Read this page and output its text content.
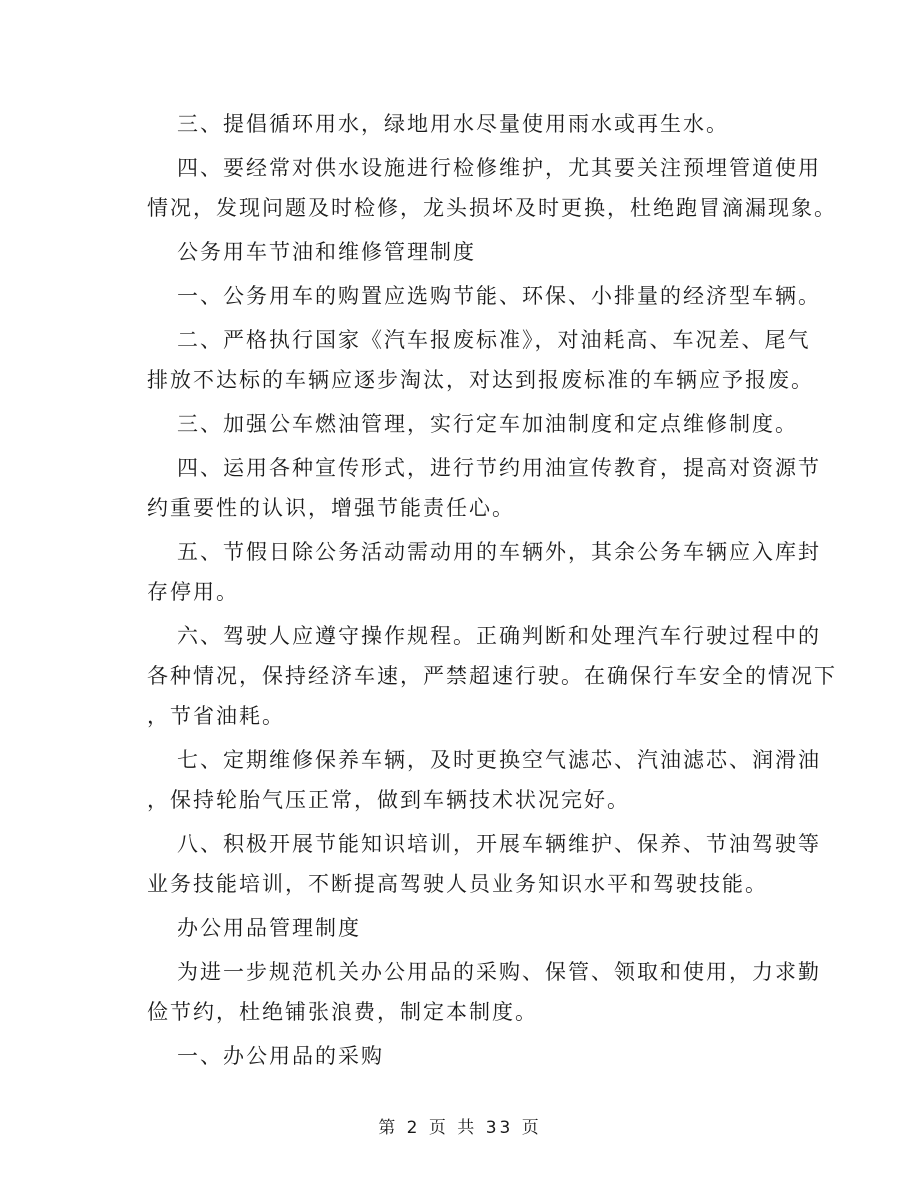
三、提倡循环用水，绿地用水尽量使用雨水或再生水。

四、要经常对供水设施进行检修维护，尤其要关注预埋管道使用

情况，发现问题及时检修，龙头损坏及时更换，杜绝跑冒滴漏现象。

公务用车节油和维修管理制度

一、公务用车的购置应选购节能、环保、小排量的经济型车辆。

二、严格执行国家《汽车报废标准》，对油耗高、车况差、尾气

排放不达标的车辆应逐步淘汰，对达到报废标准的车辆应予报废。

三、加强公车燃油管理，实行定车加油制度和定点维修制度。

四、运用各种宣传形式，进行节约用油宣传教育，提高对资源节

约重要性的认识，增强节能责任心。

五、节假日除公务活动需动用的车辆外，其余公务车辆应入库封

存停用。

六、驾驶人应遵守操作规程。正确判断和处理汽车行驶过程中的

各种情况，保持经济车速，严禁超速行驶。在确保行车安全的情况下

，节省油耗。

七、定期维修保养车辆，及时更换空气滤芯、汽油滤芯、润滑油

，保持轮胎气压正常，做到车辆技术状况完好。

八、积极开展节能知识培训，开展车辆维护、保养、节油驾驶等

业务技能培训，不断提高驾驶人员业务知识水平和驾驶技能。

办公用品管理制度

为进一步规范机关办公用品的采购、保管、领取和使用，力求勤

俭节约，杜绝铺张浪费，制定本制度。

一、办公用品的采购

第 2 页 共 33 页
